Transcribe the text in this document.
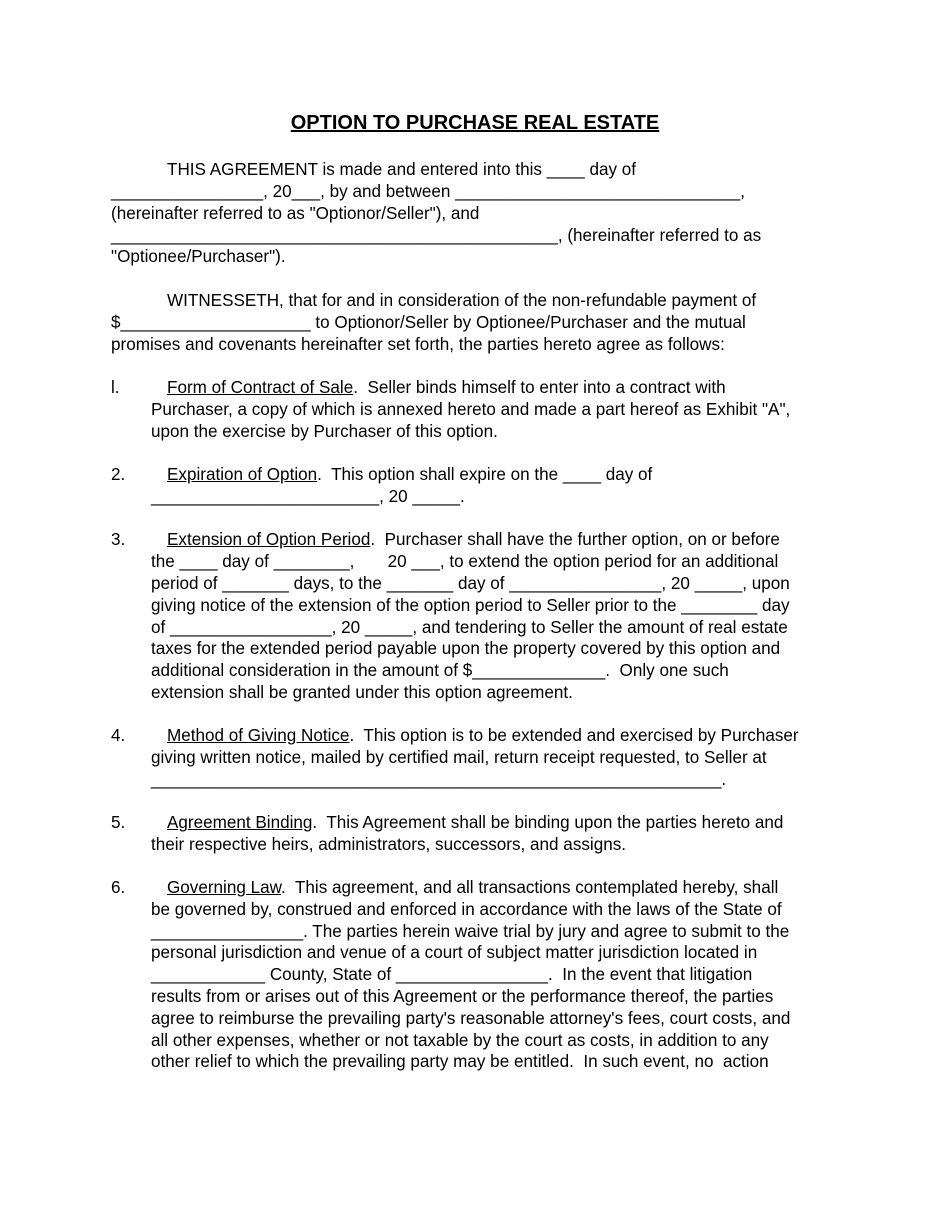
OPTION TO PURCHASE REAL ESTATE
THIS AGREEMENT is made and entered into this ____ day of
________________, 20___, by and between ______________________________,
(hereinafter referred to as "Optionor/Seller"), and
_______________________________________________, (hereinafter referred to as
"Optionee/Purchaser").
WITNESSETH, that for and in consideration of the non-refundable payment of
$____________________ to Optionor/Seller by Optionee/Purchaser and the mutual
promises and covenants hereinafter set forth, the parties hereto agree as follows:
l.	Form of Contract of Sale.  Seller binds himself to enter into a contract with
Purchaser, a copy of which is annexed hereto and made a part hereof as Exhibit "A",
upon the exercise by Purchaser of this option.
2. Expiration of Option.  This option shall expire on the ____ day of
________________________, 20 _____.
3. Extension of Option Period.  Purchaser shall have the further option, on or before
the ____ day of ________,       20 ___, to extend the option period for an additional
period of _______ days, to the _______ day of ________________, 20 _____, upon
giving notice of the extension of the option period to Seller prior to the ________ day
of _________________, 20 _____, and tendering to Seller the amount of real estate
taxes for the extended period payable upon the property covered by this option and
additional consideration in the amount of $______________.  Only one such
extension shall be granted under this option agreement.
4. Method of Giving Notice.  This option is to be extended and exercised by Purchaser
giving written notice, mailed by certified mail, return receipt requested, to Seller at
____________________________________________________________.
5. Agreement Binding.  This Agreement shall be binding upon the parties hereto and
their respective heirs, administrators, successors, and assigns.
6. Governing Law.  This agreement, and all transactions contemplated hereby, shall
be governed by, construed and enforced in accordance with the laws of the State of
________________. The parties herein waive trial by jury and agree to submit to the
personal jurisdiction and venue of a court of subject matter jurisdiction located in
____________ County, State of ________________.  In the event that litigation
results from or arises out of this Agreement or the performance thereof, the parties
agree to reimburse the prevailing party's reasonable attorney's fees, court costs, and
all other expenses, whether or not taxable by the court as costs, in addition to any
other relief to which the prevailing party may be entitled.  In such event, no  action
